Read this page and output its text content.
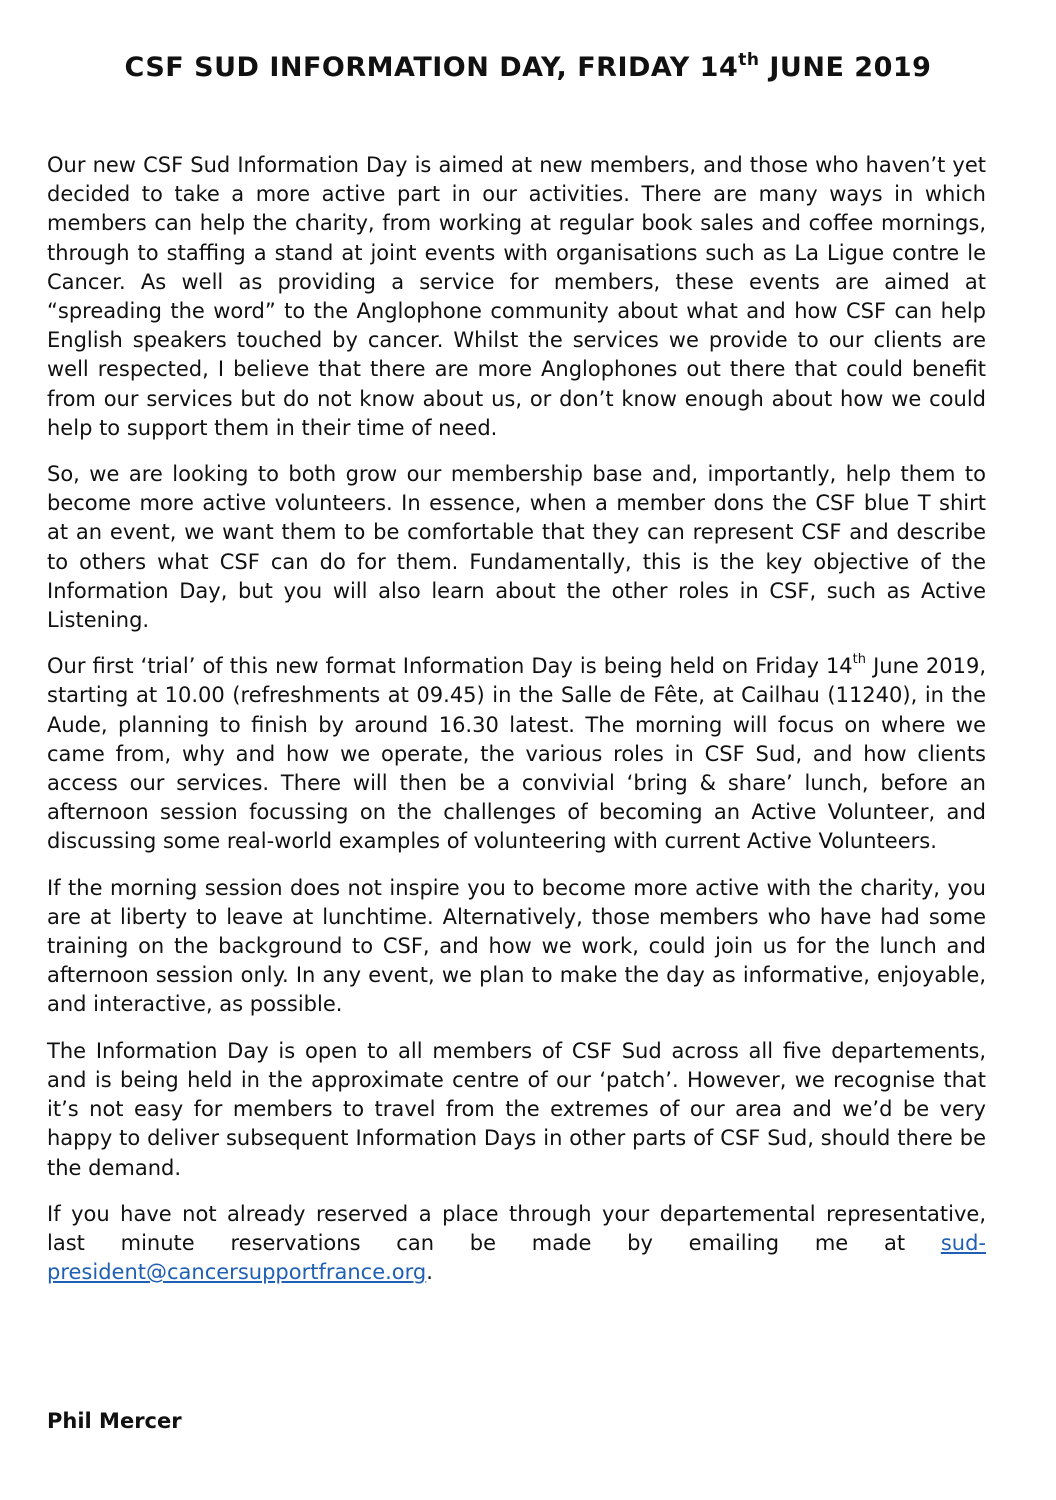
CSF SUD INFORMATION DAY, FRIDAY 14th JUNE 2019

Our new CSF Sud Information Day is aimed at new members, and those who haven’t yet decided to take a more active part in our activities. There are many ways in which members can help the charity, from working at regular book sales and coffee mornings, through to staffing a stand at joint events with organisations such as La Ligue contre le Cancer. As well as providing a service for members, these events are aimed at “spreading the word” to the Anglophone community about what and how CSF can help English speakers touched by cancer. Whilst the services we provide to our clients are well respected, I believe that there are more Anglophones out there that could benefit from our services but do not know about us, or don’t know enough about how we could help to support them in their time of need.

So, we are looking to both grow our membership base and, importantly, help them to become more active volunteers. In essence, when a member dons the CSF blue T shirt at an event, we want them to be comfortable that they can represent CSF and describe to others what CSF can do for them. Fundamentally, this is the key objective of the Information Day, but you will also learn about the other roles in CSF, such as Active Listening.

Our first ‘trial’ of this new format Information Day is being held on Friday 14th June 2019, starting at 10.00 (refreshments at 09.45) in the Salle de Fête, at Cailhau (11240), in the Aude, planning to finish by around 16.30 latest. The morning will focus on where we came from, why and how we operate, the various roles in CSF Sud, and how clients access our services. There will then be a convivial ‘bring & share’ lunch, before an afternoon session focussing on the challenges of becoming an Active Volunteer, and discussing some real-world examples of volunteering with current Active Volunteers.

If the morning session does not inspire you to become more active with the charity, you are at liberty to leave at lunchtime. Alternatively, those members who have had some training on the background to CSF, and how we work, could join us for the lunch and afternoon session only. In any event, we plan to make the day as informative, enjoyable, and interactive, as possible.

The Information Day is open to all members of CSF Sud across all five departements, and is being held in the approximate centre of our ‘patch’. However, we recognise that it’s not easy for members to travel from the extremes of our area and we’d be very happy to deliver subsequent Information Days in other parts of CSF Sud, should there be the demand.

If you have not already reserved a place through your departemental representative, last minute reservations can be made by emailing me at sud-president@cancersupportfrance.org.

Phil Mercer
